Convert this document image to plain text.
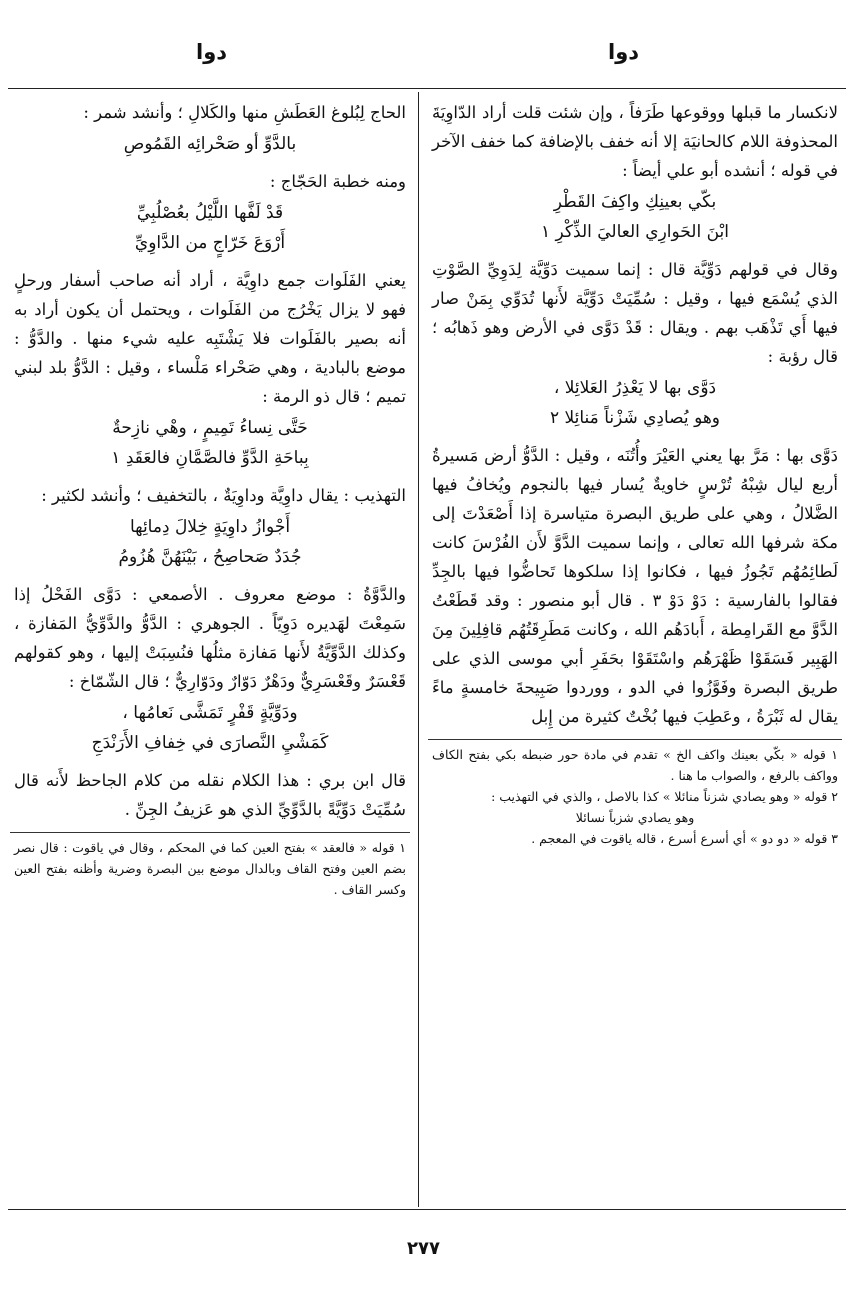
دوا
دوا

لانكسار ما قبلها ووقوعها طَرَفاً ، وإن شئت قلت أراد الدّاوِيَةَ المحذوفة اللام كالحانيَة إلا أنه خفف بالإضافة كما خفف الآخر في قوله ؛ أنشده أبو علي أيضاً :

بكّي بعينِكِ واكِفَ القَطْرِ
ابْنَ الحَوارِي العاليَ الذِّكْرِ ١

وقال في قولهم دَوِّيَّة قال : إنما سميت دَوِّيَّة لِدَوِيِّ الصَّوْتِ الذي يُسْمَع فيها ، وقيل : سُمِّيَتْ دَوِّيَّة لأَنها تُدَوِّي بِمَنْ صار فيها أَي تَذْهَب بهم . ويقال : قَدْ دَوَّى في الأرض وهو ذَهابُه ؛ قال رؤبة :

دَوَّى بها لا يَعْذِرُ العَلائِلا ،
وهو يُصادِي شَزْناً مَنائِلا ٢

دَوَّى بها : مَرَّ بها يعني العَيْرَ وأُتُنَه ، وقيل : الدَّوُّ أرض مَسيرةُ أربع ليال شِبْهُ تُرْسٍ خاويةٌ يُسار فيها بالنجوم ويُخافُ فيها الضَّلالُ ، وهي على طريق البصرة متياسرة إذا أَصْعَدْتَ إلى مكة شرفها الله تعالى ، وإنما سميت الدَّوَّ لأَن الفُرْسَ كانت لَطائِمُهُم تَجُوزُ فيها ، فكانوا إذا سلكوها تَحاضُّوا فيها بالجِدِّ فقالوا بالفارسية : دَوْ دَوْ ٣ . قال أبو منصور : وقد قَطَعْتُ الدَّوَّ مع القَرامِطة ، أَبادَهُم الله ، وكانت مَطَرِقَتُهُم قافِلِينَ مِنَ الهَبِير فَسَقَوْا ظَهْرَهُم واسْتَقَوْا بحَفَرِ أبي موسى الذي على طريق البصرة وفَوَّزُوا في الدو ، ووردوا صَبِيحةَ خامسةٍ ماءً يقال له ثَبْرَةُ ، وعَطِبَ فيها بُخْتٌ كثيرة من إِبل

١ قوله « بكّي بعينك واكف الخ » تقدم في مادة حور ضبطه بكي بفتح الكاف وواكف بالرفع ، والصواب ما هنا .
٢ قوله « وهو يصادي شزناً منائلا » كذا بالاصل ، والذي في التهذيب :
وهو يصادي شزباً نسائلا
٣ قوله « دو دو » أي أسرع أسرع ، قاله ياقوت في المعجم .

الحاج لِبُلوغ العَطَشِ منها والكَلالِ ؛ وأنشد شمر :

بالدَّوِّ أو صَحْرائِه القَمُوصِ

ومنه خطبة الحَجّاج :

قَدْ لَفَّها اللَّيْلُ بعُصْلُبِيِّ
أَرْوَعَ خَرّاجٍ من الدَّاوِيِّ

يعني الفَلَوات جمع داوِيَّة ، أراد أنه صاحب أسفار ورحلٍ فهو لا يزال يَخْرُج من الفَلَوات ، ويحتمل أن يكون أراد به أنه بصير بالفَلَوات فلا يَشْتَبِه عليه شيء منها . والدَّوُّ : موضع بالبادية ، وهي صَحْراء مَلْساء ، وقيل : الدَّوُّ بلد لبني تميم ؛ قال ذو الرمة :

حَتَّى نِساءُ تَمِيمٍ ، وهْي نازِحةٌ
بِباحَةِ الدَّوِّ فالصَّمَّانِ فالعَقَدِ ١

التهذيب : يقال داوِيَّة وداوِيَةٌ ، بالتخفيف ؛ وأنشد لكثير :

أَجْوازُ داوِيَةٍ خِلالَ دِمائِها
جُدَدٌ صَحاصِحُ ، بَيْنَهُنَّ هُزُومُ

والدَّوَّةُ : موضع معروف . الأصمعي : دَوَّى الفَحْلُ إذا سَمِعْتَ لهَديره دَوِيّاً . الجوهري : الدَّوُّ والدَّوِّيُّ المَفازة ، وكذلك الدَّوِّيَّةُ لأَنها مَفازة مثلُها فنُسِبَتْ إليها ، وهو كقولهم قَعْسَرٌ وقَعْسَرِيٌّ ودَهْرٌ دَوّارٌ ودَوّارِيٌّ ؛ قال الشّمّاخ :

ودَوِّيَّةٍ قَفْرٍ تَمَشَّى نَعامُها ،
كَمَشْيِ النَّصارَى في خِفافِ الأَرَنْدَجِ

قال ابن بري : هذا الكلام نقله من كلام الجاحظ لأَنه قال سُمِّيَتْ دَوِّيَّةً بالدَّوِّيِّ الذي هو عَزيفُ الجِنِّ .

١ قوله « فالعقد » بفتح العين كما في المحكم ، وقال في ياقوت : قال نصر بضم العين وفتح القاف وبالدال موضع بين البصرة وضرية وأظنه بفتح العين وكسر القاف .
٢٧٧
